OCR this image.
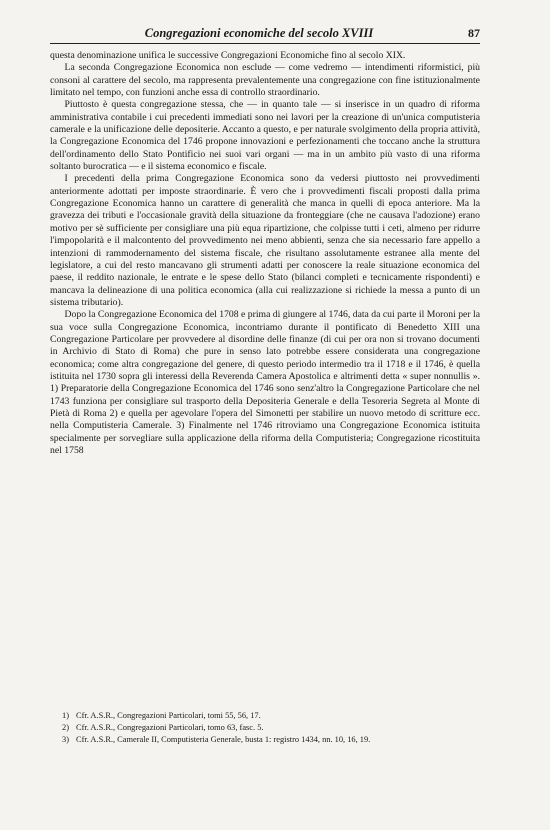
Congregazioni economiche del secolo XVIII	87

questa denominazione unifica le successive Congregazioni Economiche fino al secolo XIX.

La seconda Congregazione Economica non esclude — come vedremo — intendimenti riformistici, più consoni al carattere del secolo, ma rappresenta prevalentemente una congregazione con fine istituzionalmente limitato nel tempo, con funzioni anche essa di controllo straordinario.

Piuttosto è questa congregazione stessa, che — in quanto tale — si inserisce in un quadro di riforma amministrativa contabile i cui precedenti immediati sono nei lavori per la creazione di un'unica computisteria camerale e la unificazione delle depositerie. Accanto a questo, e per naturale svolgimento della propria attività, la Congregazione Economica del 1746 propone innovazioni e perfezionamenti che toccano anche la struttura dell'ordinamento dello Stato Pontificio nei suoi vari organi — ma in un ambito più vasto di una riforma soltanto burocratica — e il sistema economico e fiscale.

I precedenti della prima Congregazione Economica sono da vedersi piuttosto nei provvedimenti anteriormente adottati per imposte straordinarie. È vero che i provvedimenti fiscali proposti dalla prima Congregazione Economica hanno un carattere di generalità che manca in quelli di epoca anteriore. Ma la gravezza dei tributi e l'occasionale gravità della situazione da fronteggiare (che ne causava l'adozione) erano motivo per sè sufficiente per consigliare una più equa ripartizione, che colpisse tutti i ceti, almeno per ridurre l'impopolarità e il malcontento del provvedimento nei meno abbienti, senza che sia necessario fare appello a intenzioni di rammodernamento del sistema fiscale, che risultano assolutamente estranee alla mente del legislatore, a cui del resto mancavano gli strumenti adatti per conoscere la reale situazione economica del paese, il reddito nazionale, le entrate e le spese dello Stato (bilanci completi e tecnicamente rispondenti) e mancava la delineazione di una politica economica (alla cui realizzazione si richiede la messa a punto di un sistema tributario).

Dopo la Congregazione Economica del 1708 e prima di giungere al 1746, data da cui parte il Moroni per la sua voce sulla Congregazione Economica, incontriamo durante il pontificato di Benedetto XIII una Congregazione Particolare per provvedere al disordine delle finanze (di cui per ora non si trovano documenti in Archivio di Stato di Roma) che pure in senso lato potrebbe essere considerata una congregazione economica; come altra congregazione del genere, di questo periodo intermedio tra il 1718 e il 1746, è quella istituita nel 1730 sopra gli interessi della Reverenda Camera Apostolica e altrimenti detta « super nonnullis ». 1) Preparatorie della Congregazione Economica del 1746 sono senz'altro la Congregazione Particolare che nel 1743 funziona per consigliare sul trasporto della Depositeria Generale e della Tesoreria Segreta al Monte di Pietà di Roma 2) e quella per agevolare l'opera del Simonetti per stabilire un nuovo metodo di scritture ecc. nella Computisteria Camerale. 3) Finalmente nel 1746 ritroviamo una Congregazione Economica istituita specialmente per sorvegliare sulla applicazione della riforma della Computisteria; Congregazione ricostituita nel 1758

1) Cfr. A.S.R., Congregazioni Particolari, tomi 55, 56, 17.

2) Cfr. A.S.R., Congregazioni Particolari, tomo 63, fasc. 5.

3) Cfr. A.S.R., Camerale II, Computisteria Generale, busta 1: registro 1434, nn. 10, 16, 19.
